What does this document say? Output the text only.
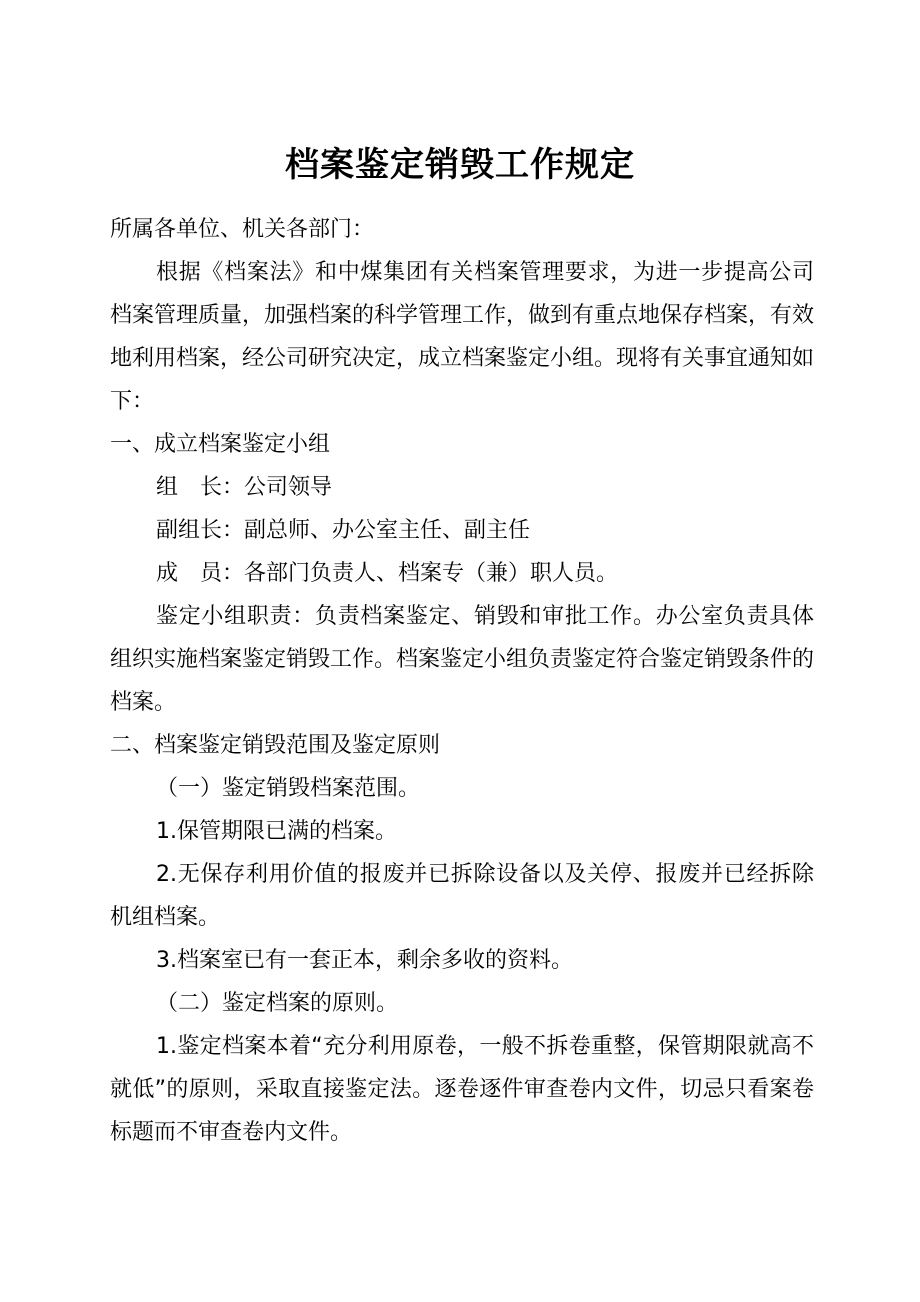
档案鉴定销毁工作规定

所属各单位、机关各部门：

根据《档案法》和中煤集团有关档案管理要求，为进一步提高公司档案管理质量，加强档案的科学管理工作，做到有重点地保存档案，有效地利用档案，经公司研究决定，成立档案鉴定小组。现将有关事宜通知如下：

一、成立档案鉴定小组

组　长：公司领导

副组长：副总师、办公室主任、副主任

成　员：各部门负责人、档案专（兼）职人员。

鉴定小组职责：负责档案鉴定、销毁和审批工作。办公室负责具体组织实施档案鉴定销毁工作。档案鉴定小组负责鉴定符合鉴定销毁条件的档案。

二、档案鉴定销毁范围及鉴定原则

（一）鉴定销毁档案范围。

1.保管期限已满的档案。

2.无保存利用价值的报废并已拆除设备以及关停、报废并已经拆除机组档案。

3.档案室已有一套正本，剩余多收的资料。

（二）鉴定档案的原则。

1.鉴定档案本着“充分利用原卷，一般不拆卷重整，保管期限就高不就低”的原则，采取直接鉴定法。逐卷逐件审查卷内文件，切忌只看案卷标题而不审查卷内文件。
